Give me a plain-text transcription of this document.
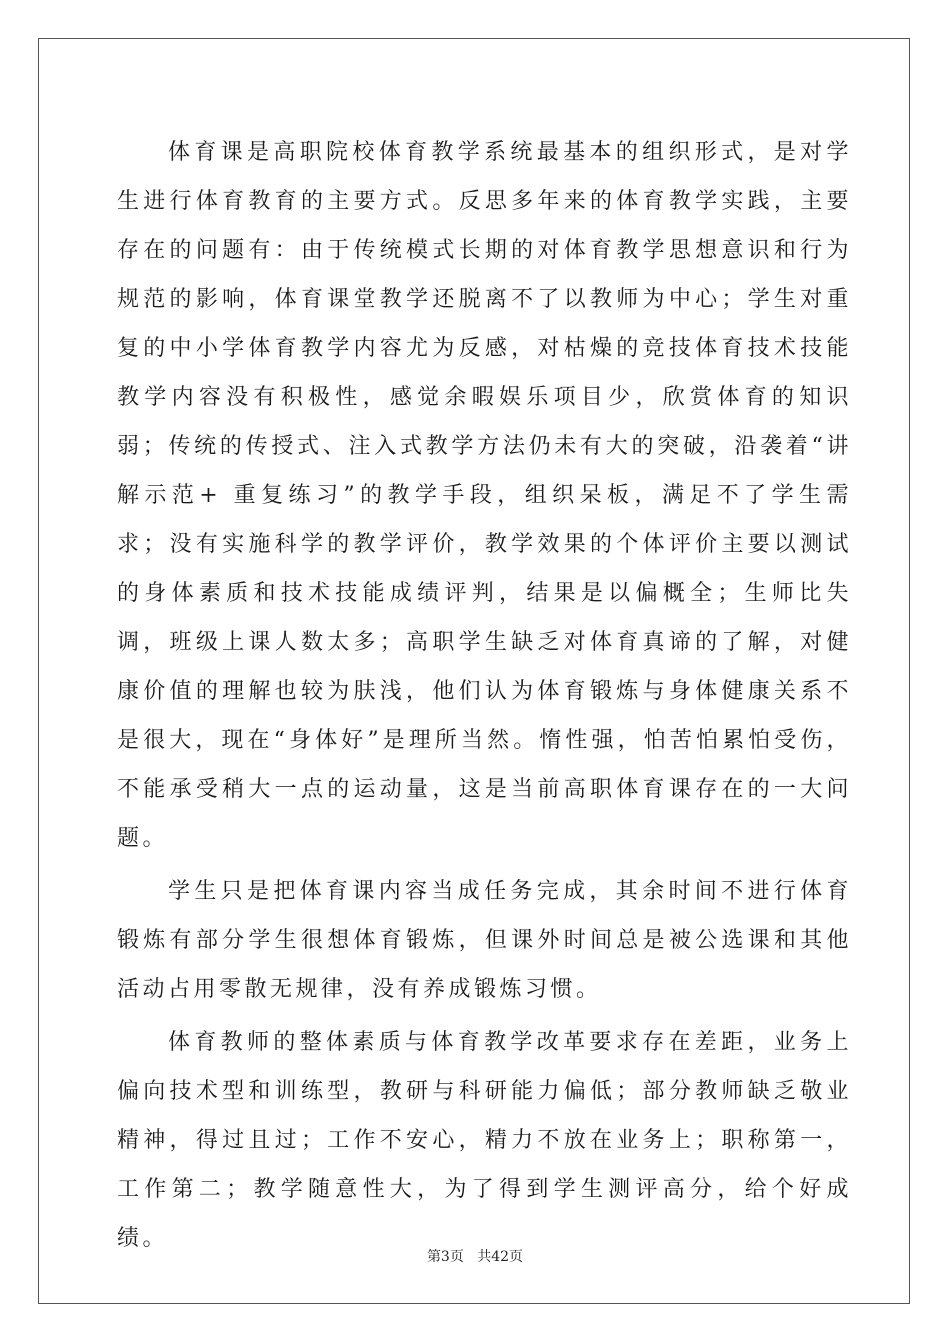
体育课是高职院校体育教学系统最基本的组织形式，是对学生进行体育教育的主要方式。反思多年来的体育教学实践，主要存在的问题有：由于传统模式长期的对体育教学思想意识和行为规范的影响，体育课堂教学还脱离不了以教师为中心；学生对重复的中小学体育教学内容尤为反感，对枯燥的竞技体育技术技能教学内容没有积极性，感觉余暇娱乐项目少，欣赏体育的知识弱；传统的传授式、注入式教学方法仍未有大的突破，沿袭着“讲解示范+ 重复练习”的教学手段，组织呆板，满足不了学生需求；没有实施科学的教学评价，教学效果的个体评价主要以测试的身体素质和技术技能成绩评判，结果是以偏概全；生师比失调，班级上课人数太多；高职学生缺乏对体育真谛的了解，对健康价值的理解也较为肤浅，他们认为体育锻炼与身体健康关系不是很大，现在“身体好”是理所当然。惰性强，怕苦怕累怕受伤，不能承受稍大一点的运动量，这是当前高职体育课存在的一大问题。

学生只是把体育课内容当成任务完成，其余时间不进行体育锻炼有部分学生很想体育锻炼，但课外时间总是被公选课和其他活动占用零散无规律，没有养成锻炼习惯。

体育教师的整体素质与体育教学改革要求存在差距，业务上偏向技术型和训练型，教研与科研能力偏低；部分教师缺乏敬业精神，得过且过；工作不安心，精力不放在业务上；职称第一，工作第二；教学随意性大，为了得到学生测评高分，给个好成绩。

第3页 共42页
